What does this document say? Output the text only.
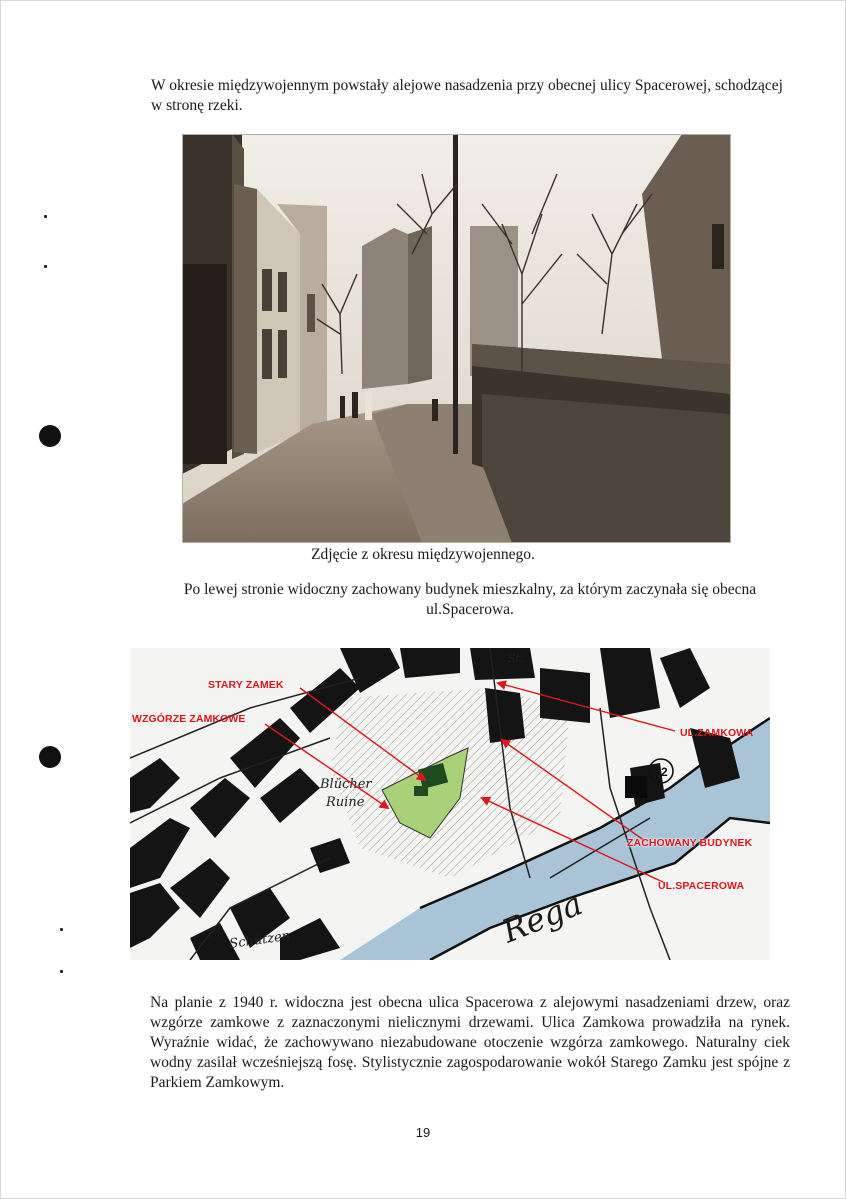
W okresie międzywojennym powstały alejowe nasadzenia przy obecnej ulicy Spacerowej, schodzącej w stronę rzeki.

Zdjęcie z okresu międzywojennego.

Po lewej stronie widoczny zachowany budynek mieszkalny, za którym zaczynała się obecna ul.Spacerowa.

12
Rega
Blücher
Ruine
Schützen
St.
STARY ZAMEK
WZGÓRZE ZAMKOWE
UL.ZAMKOWA
ZACHOWANY BUDYNEK
UL.SPACEROWA

Na planie z 1940 r. widoczna jest obecna ulica Spacerowa z alejowymi nasadzeniami drzew, oraz wzgórze zamkowe z zaznaczonymi nielicznymi drzewami. Ulica Zamkowa prowadziła na rynek. Wyraźnie widać, że zachowywano niezabudowane otoczenie wzgórza zamkowego. Naturalny ciek wodny zasilał wcześniejszą fosę. Stylistycznie zagospodarowanie wokół Starego Zamku jest spójne z Parkiem Zamkowym.

19
